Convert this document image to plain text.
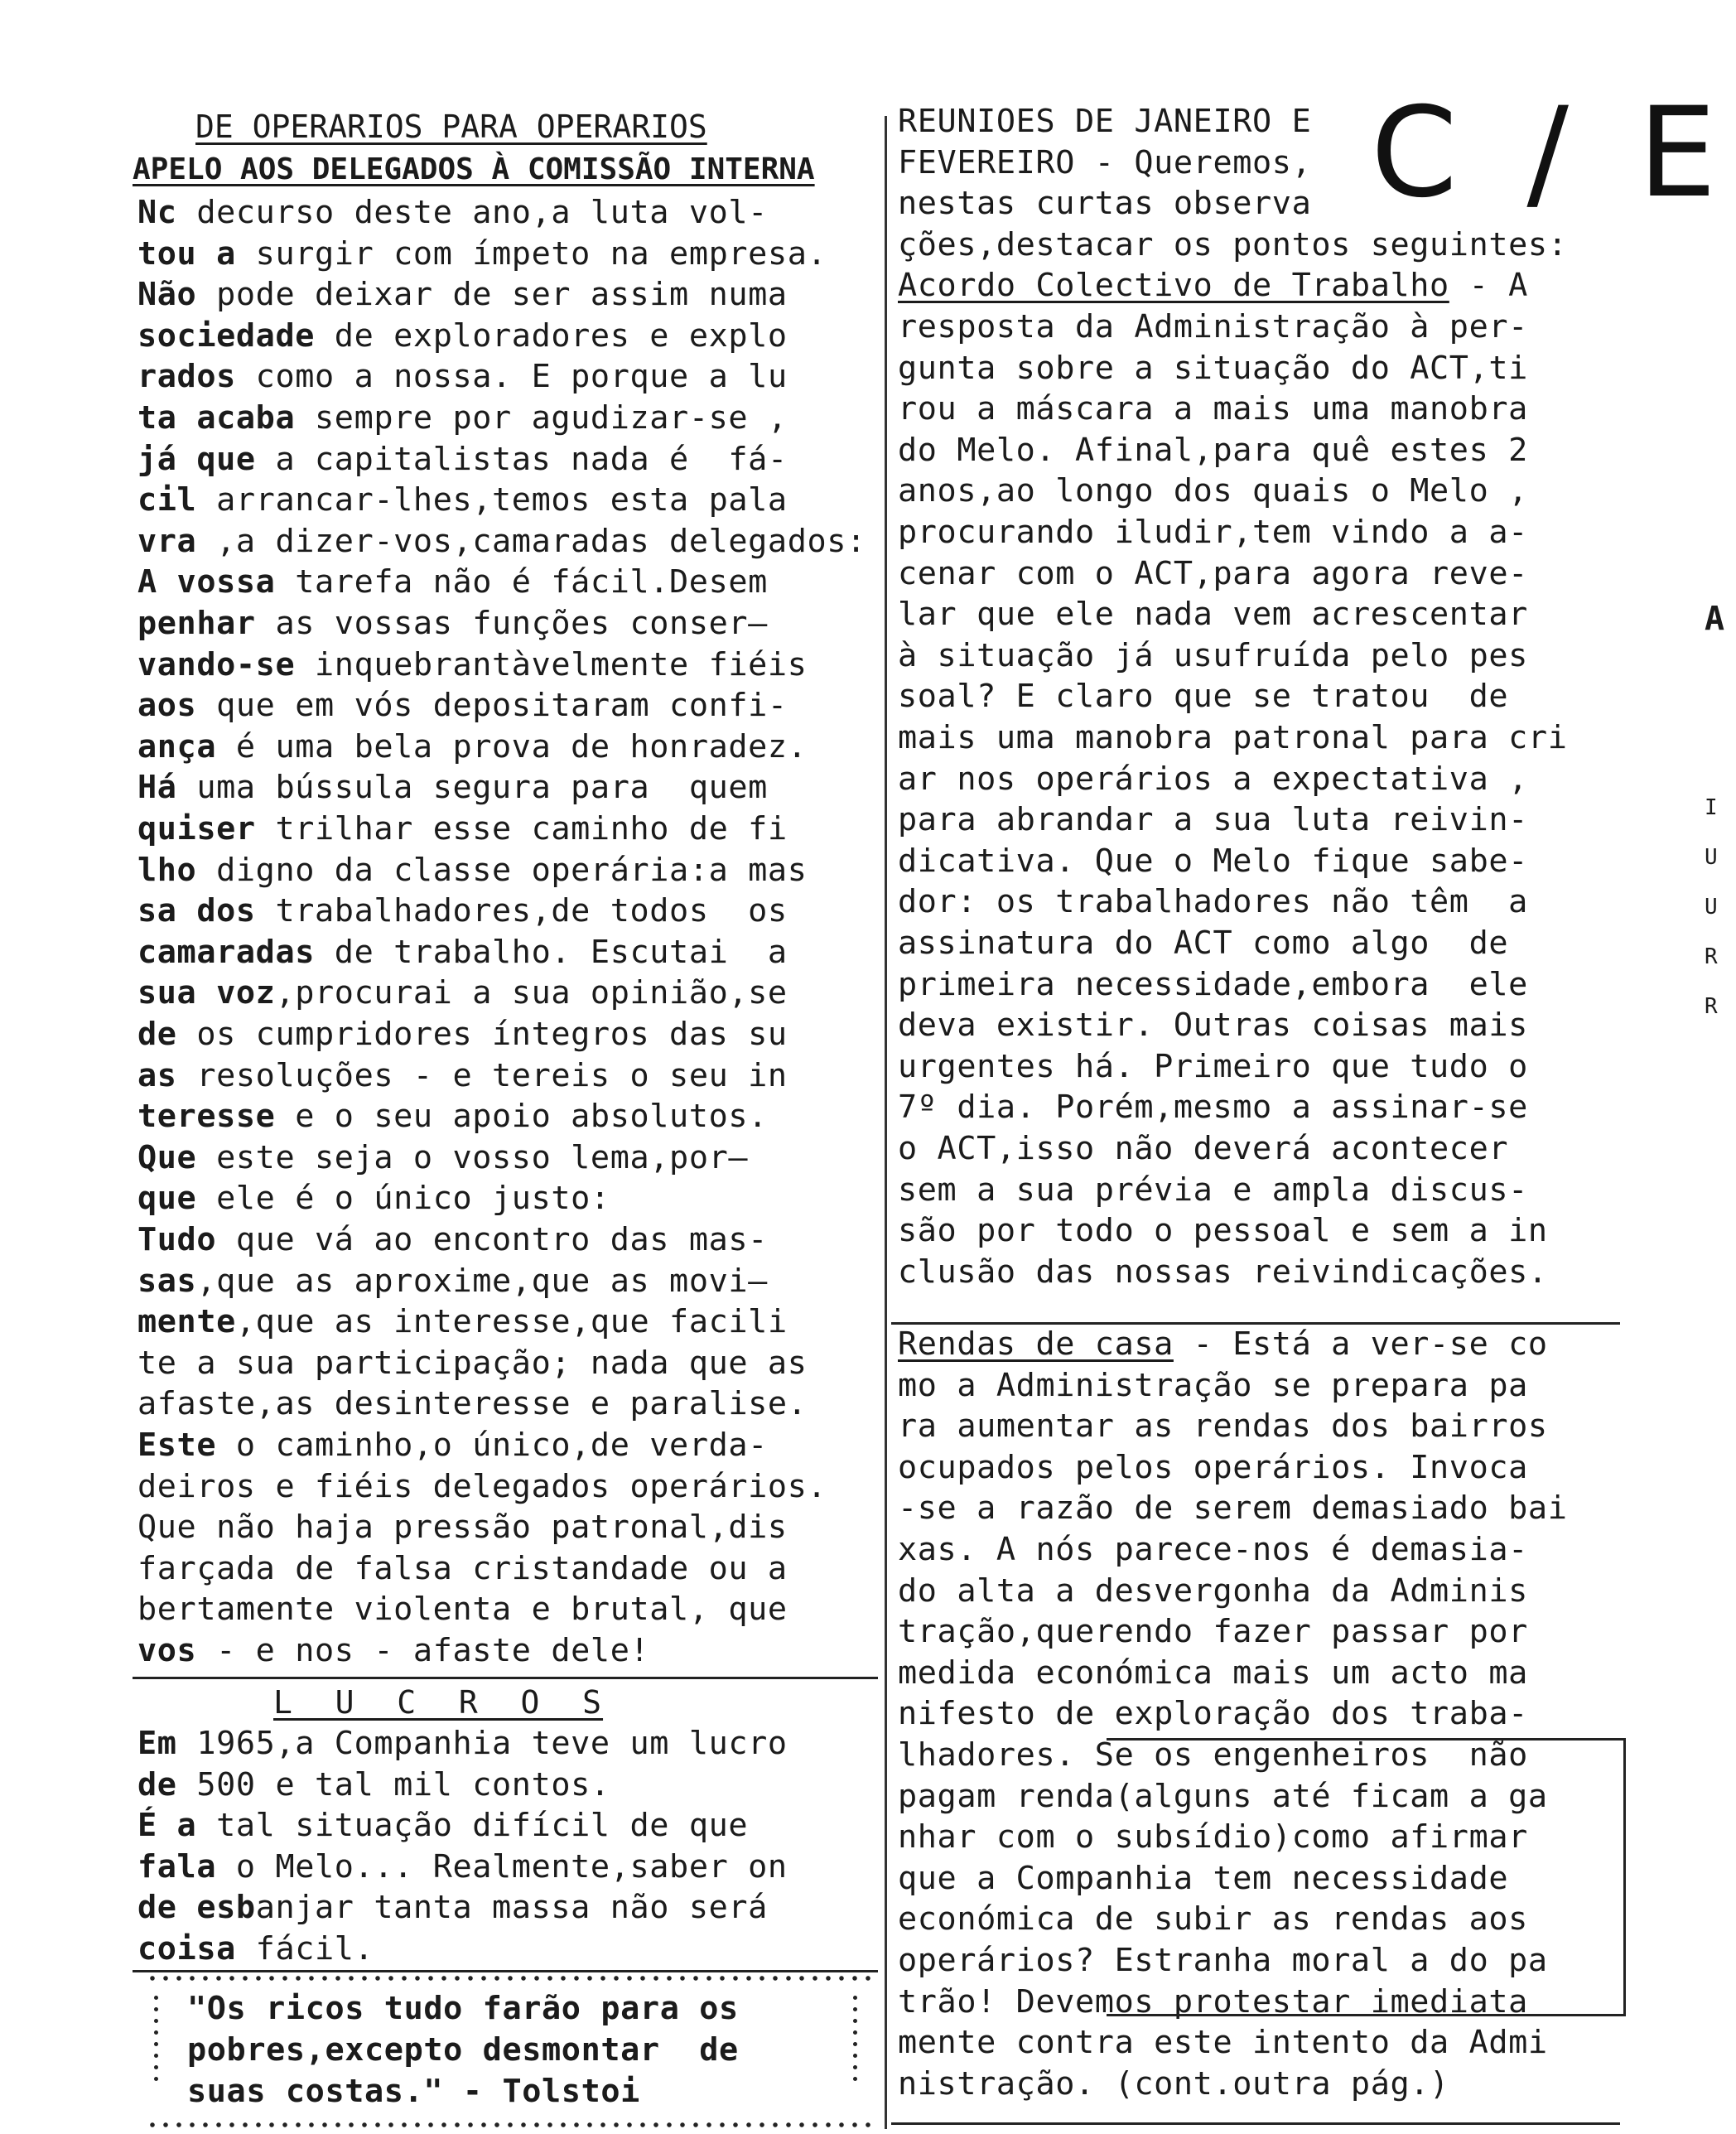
C / E
DE OPERARIOS PARA OPERARIOS
APELO AOS DELEGADOS À COMISSÃO INTERNA
Nc decurso deste ano,a luta vol-
tou a surgir com ímpeto na empresa.
Não pode deixar de ser assim numa
sociedade de exploradores e explo
rados como a nossa. E porque a lu
ta acaba sempre por agudizar-se ,
já que a capitalistas nada é  fá-
cil arrancar-lhes,temos esta pala
vra ,a dizer-vos,camaradas delegados:
A vossa tarefa não é fácil.Desem
penhar as vossas funções conser—
vando-se inquebrantàvelmente fiéis
aos que em vós depositaram confi-
ança é uma bela prova de honradez.
Há uma bússula segura para  quem
quiser trilhar esse caminho de fi
lho digno da classe operária:a mas
sa dos trabalhadores,de todos  os
camaradas de trabalho. Escutai  a
sua voz,procurai a sua opinião,se
de os cumpridores íntegros das su
as resoluções - e tereis o seu in
teresse e o seu apoio absolutos.
Que este seja o vosso lema,por—
que ele é o único justo:
Tudo que vá ao encontro das mas-
sas,que as aproxime,que as movi—
mente,que as interesse,que facili
te a sua participação; nada que as
afaste,as desinteresse e paralise.
Este o caminho,o único,de verda-
deiros e fiéis delegados operários.
Que não haja pressão patronal,dis
farçada de falsa cristandade ou a
bertamente violenta e brutal, que
vos - e nos - afaste dele!
L  U  C  R  O  S
Em 1965,a Companhia teve um lucro
de 500 e tal mil contos.
É a tal situação difícil de que
fala o Melo... Realmente,saber on
de esbanjar tanta massa não será
coisa fácil.
"Os ricos tudo farão para os
pobres,excepto desmontar  de
suas costas." - Tolstoi
REUNIOES DE JANEIRO E
FEVEREIRO - Queremos,
nestas curtas observa
ções,destacar os pontos seguintes:
Acordo Colectivo de Trabalho - A
resposta da Administração à per-
gunta sobre a situação do ACT,ti
rou a máscara a mais uma manobra
do Melo. Afinal,para quê estes 2
anos,ao longo dos quais o Melo ,
procurando iludir,tem vindo a a-
cenar com o ACT,para agora reve-
lar que ele nada vem acrescentar
à situação já usufruída pelo pes
soal? E claro que se tratou  de
mais uma manobra patronal para cri
ar nos operários a expectativa ,
para abrandar a sua luta reivin-
dicativa. Que o Melo fique sabe-
dor: os trabalhadores não têm  a
assinatura do ACT como algo  de
primeira necessidade,embora  ele
deva existir. Outras coisas mais
urgentes há. Primeiro que tudo o
7º dia. Porém,mesmo a assinar-se
o ACT,isso não deverá acontecer
sem a sua prévia e ampla discus-
são por todo o pessoal e sem a in
clusão das nossas reivindicações.
Rendas de casa - Está a ver-se co
mo a Administração se prepara pa
ra aumentar as rendas dos bairros
ocupados pelos operários. Invoca
-se a razão de serem demasiado bai
xas. A nós parece-nos é demasia-
do alta a desvergonha da Adminis
tração,querendo fazer passar por
medida económica mais um acto ma
nifesto de exploração dos traba-
lhadores. Se os engenheiros  não
pagam renda(alguns até ficam a ga
nhar com o subsídio)como afirmar
que a Companhia tem necessidade
económica de subir as rendas aos
operários? Estranha moral a do pa
trão! Devemos protestar imediata
mente contra este intento da Admi
nistração. (cont.outra pág.)
A
I
U
U
R
R
